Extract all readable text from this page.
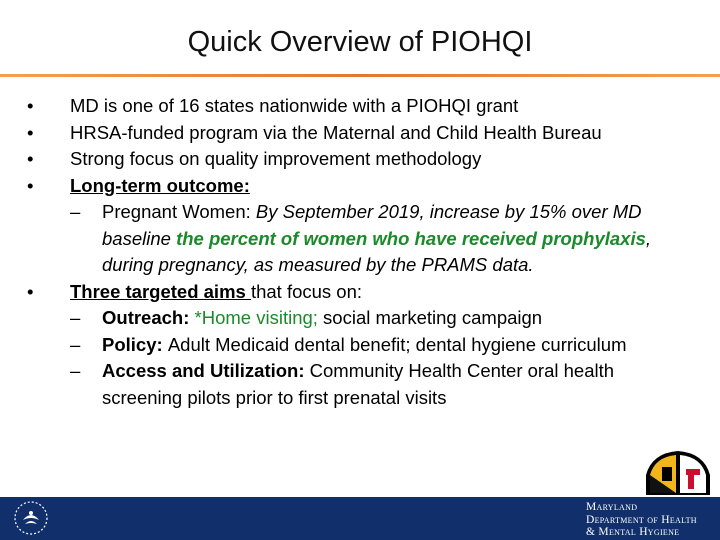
Quick Overview of PIOHQI
•	MD is one of 16 states nationwide with a PIOHQI grant
•	HRSA-funded program via the Maternal and Child Health Bureau
•	Strong focus on quality improvement methodology
•	Long-term outcome:
–	Pregnant Women: By September 2019, increase by 15% over MD baseline the percent of women who have received prophylaxis, during pregnancy, as measured by the PRAMS data.
•	Three targeted aims that focus on:
–	Outreach: *Home visiting; social marketing campaign
–	Policy: Adult Medicaid dental benefit; dental hygiene curriculum
–	Access and Utilization: Community Health Center oral health screening pilots prior to first prenatal visits
Maryland
Department of Health
& Mental Hygiene
